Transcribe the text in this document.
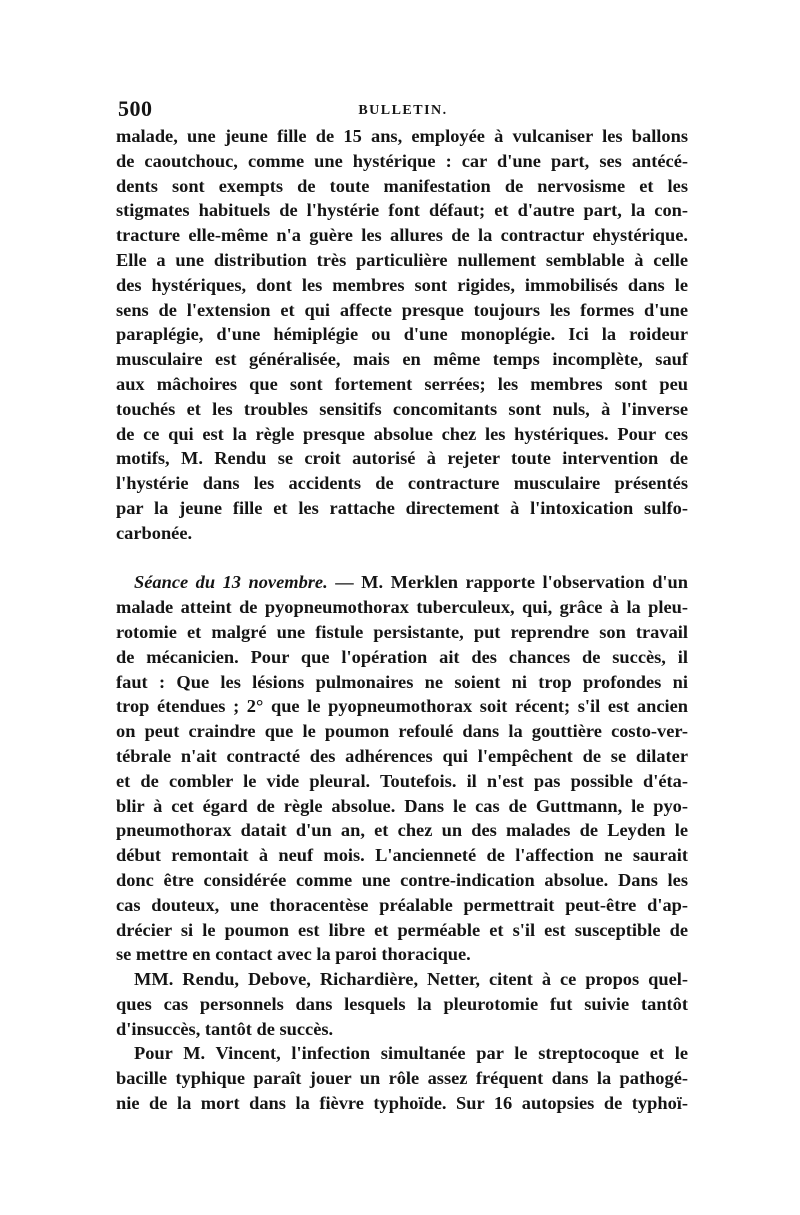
500	BULLETIN.
malade, une jeune fille de 15 ans, employée à vulcaniser les ballons
de caoutchouc, comme une hystérique : car d'une part, ses antécé-
dents sont exempts de toute manifestation de nervosisme et les
stigmates habituels de l'hystérie font défaut; et d'autre part, la con-
tracture elle-même n'a guère les allures de la contractur ehystérique.
Elle a une distribution très particulière nullement semblable à celle
des hystériques, dont les membres sont rigides, immobilisés dans le
sens de l'extension et qui affecte presque toujours les formes d'une
paraplégie, d'une hémiplégie ou d'une monoplégie. Ici la roideur
musculaire est généralisée, mais en même temps incomplète, sauf
aux mâchoires que sont fortement serrées; les membres sont peu
touchés et les troubles sensitifs concomitants sont nuls, à l'inverse
de ce qui est la règle presque absolue chez les hystériques. Pour ces
motifs, M. Rendu se croit autorisé à rejeter toute intervention de
l'hystérie dans les accidents de contracture musculaire présentés
par la jeune fille et les rattache directement à l'intoxication sulfo-
carbonée.
Séance du 13 novembre. — M. Merklen rapporte l'observation d'un
malade atteint de pyopneumothorax tuberculeux, qui, grâce à la pleu-
rotomie et malgré une fistule persistante, put reprendre son travail
de mécanicien. Pour que l'opération ait des chances de succès, il
faut : Que les lésions pulmonaires ne soient ni trop profondes ni
trop étendues ; 2° que le pyopneumothorax soit récent; s'il est ancien
on peut craindre que le poumon refoulé dans la gouttière costo-ver-
tébrale n'ait contracté des adhérences qui l'empêchent de se dilater
et de combler le vide pleural. Toutefois. il n'est pas possible d'éta-
blir à cet égard de règle absolue. Dans le cas de Guttmann, le pyo-
pneumothorax datait d'un an, et chez un des malades de Leyden le
début remontait à neuf mois. L'ancienneté de l'affection ne saurait
donc être considérée comme une contre-indication absolue. Dans les
cas douteux, une thoracentèse préalable permettrait peut-être d'ap-
drécier si le poumon est libre et perméable et s'il est susceptible de
se mettre en contact avec la paroi thoracique.
MM. Rendu, Debove, Richardière, Netter, citent à ce propos quel-
ques cas personnels dans lesquels la pleurotomie fut suivie tantôt
d'insuccès, tantôt de succès.
Pour M. Vincent, l'infection simultanée par le streptocoque et le
bacille typhique paraît jouer un rôle assez fréquent dans la pathogé-
nie de la mort dans la fièvre typhoïde. Sur 16 autopsies de typhoï-
